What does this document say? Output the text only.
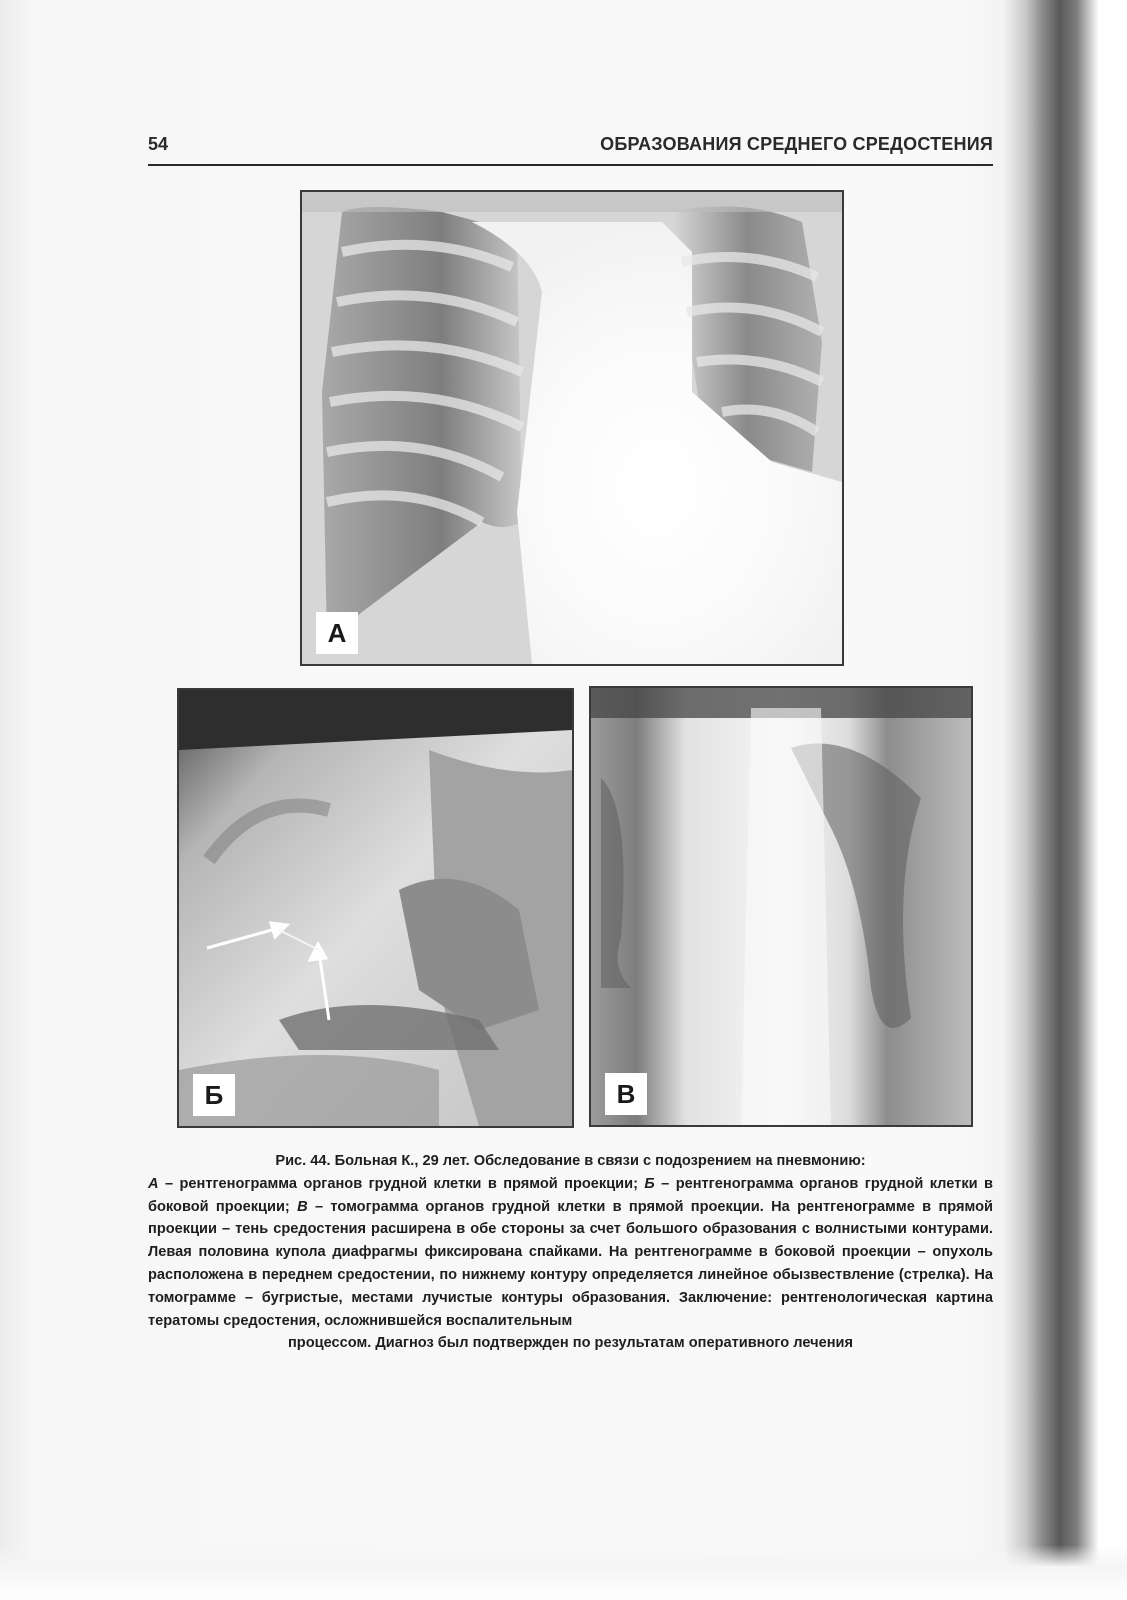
54	ОБРАЗОВАНИЯ СРЕДНЕГО СРЕДОСТЕНИЯ
А
Б	В
Рис. 44. Больная К., 29 лет. Обследование в связи с подозрением на пневмонию:
А – рентгенограмма органов грудной клетки в прямой проекции; Б – рентгенограмма органов грудной клетки в боковой проекции; В – томограмма органов грудной клетки в прямой проекции. На рентгенограмме в прямой проекции – тень средостения расширена в обе стороны за счет большого образования с волнистыми контурами. Левая половина купола диафрагмы фиксирована спайками. На рентгенограмме в боковой проекции – опухоль расположена в переднем средостении, по нижнему контуру определяется линейное обызвествление (стрелка). На томограмме – бугристые, местами лучистые контуры образования. Заключение: рентгенологическая картина тератомы средостения, осложнившейся воспалительным
процессом. Диагноз был подтвержден по результатам оперативного лечения
